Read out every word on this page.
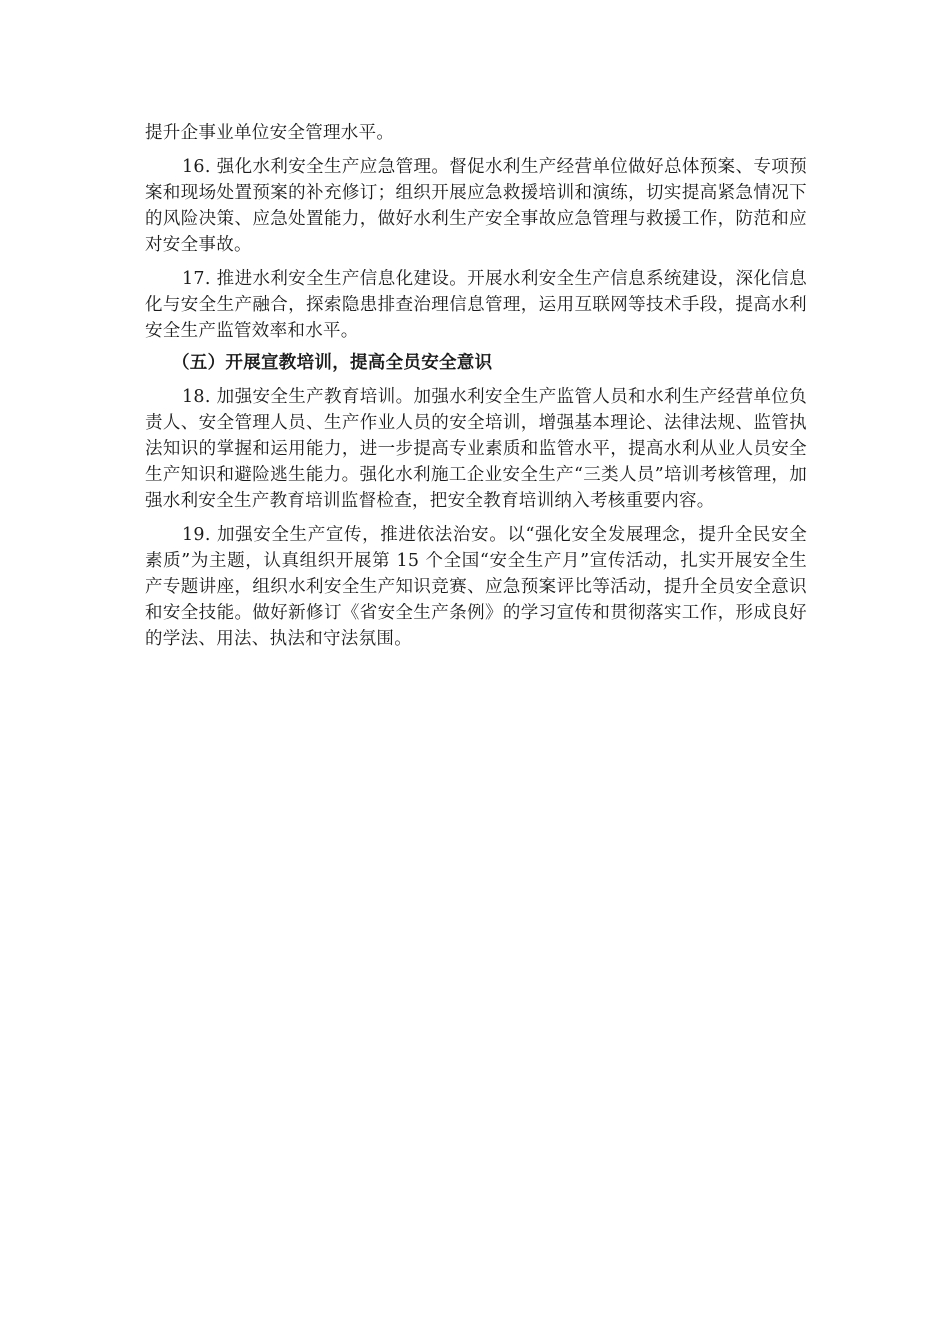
提升企事业单位安全管理水平。

16. 强化水利安全生产应急管理。督促水利生产经营单位做好总体预案、专项预案和现场处置预案的补充修订；组织开展应急救援培训和演练，切实提高紧急情况下的风险决策、应急处置能力，做好水利生产安全事故应急管理与救援工作，防范和应对安全事故。

17. 推进水利安全生产信息化建设。开展水利安全生产信息系统建设，深化信息化与安全生产融合，探索隐患排查治理信息管理，运用互联网等技术手段，提高水利安全生产监管效率和水平。

（五）开展宣教培训，提高全员安全意识

18. 加强安全生产教育培训。加强水利安全生产监管人员和水利生产经营单位负责人、安全管理人员、生产作业人员的安全培训，增强基本理论、法律法规、监管执法知识的掌握和运用能力，进一步提高专业素质和监管水平，提高水利从业人员安全生产知识和避险逃生能力。强化水利施工企业安全生产“三类人员”培训考核管理，加强水利安全生产教育培训监督检查，把安全教育培训纳入考核重要内容。

19. 加强安全生产宣传，推进依法治安。以“强化安全发展理念，提升全民安全素质”为主题，认真组织开展第 15 个全国“安全生产月”宣传活动，扎实开展安全生产专题讲座，组织水利安全生产知识竞赛、应急预案评比等活动，提升全员安全意识和安全技能。做好新修订《省安全生产条例》的学习宣传和贯彻落实工作，形成良好的学法、用法、执法和守法氛围。
